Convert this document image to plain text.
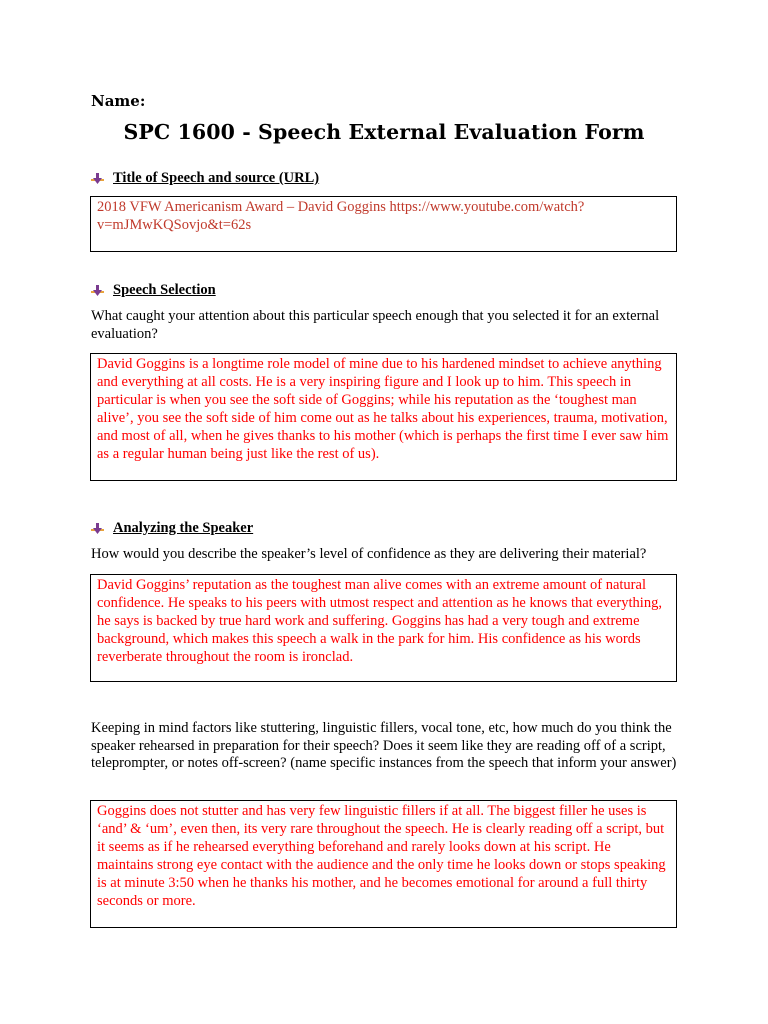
Name:
SPC 1600 - Speech External Evaluation Form
Title of Speech and source (URL)
2018 VFW Americanism Award – David Goggins https://www.youtube.com/watch?
v=mJMwKQSovjo&t=62s
Speech Selection
What caught your attention about this particular speech enough that you selected it for an external evaluation?
David Goggins is a longtime role model of mine due to his hardened mindset to achieve anything and everything at all costs. He is a very inspiring figure and I look up to him. This speech in particular is when you see the soft side of Goggins; while his reputation as the ‘toughest man alive’, you see the soft side of him come out as he talks about his experiences, trauma, motivation, and most of all, when he gives thanks to his mother (which is perhaps the first time I ever saw him as a regular human being just like the rest of us).
Analyzing the Speaker
How would you describe the speaker’s level of confidence as they are delivering their material?
David Goggins’ reputation as the toughest man alive comes with an extreme amount of natural confidence. He speaks to his peers with utmost respect and attention as he knows that everything, he says is backed by true hard work and suffering. Goggins has had a very tough and extreme background, which makes this speech a walk in the park for him. His confidence as his words reverberate throughout the room is ironclad.
Keeping in mind factors like stuttering, linguistic fillers, vocal tone, etc, how much do you think the speaker rehearsed in preparation for their speech? Does it seem like they are reading off of a script, teleprompter, or notes off-screen? (name specific instances from the speech that inform your answer)
Goggins does not stutter and has very few linguistic fillers if at all. The biggest filler he uses is ‘and’ & ‘um’, even then, its very rare throughout the speech. He is clearly reading off a script, but it seems as if he rehearsed everything beforehand and rarely looks down at his script. He maintains strong eye contact with the audience and the only time he looks down or stops speaking is at minute 3:50 when he thanks his mother, and he becomes emotional for around a full thirty seconds or more.
